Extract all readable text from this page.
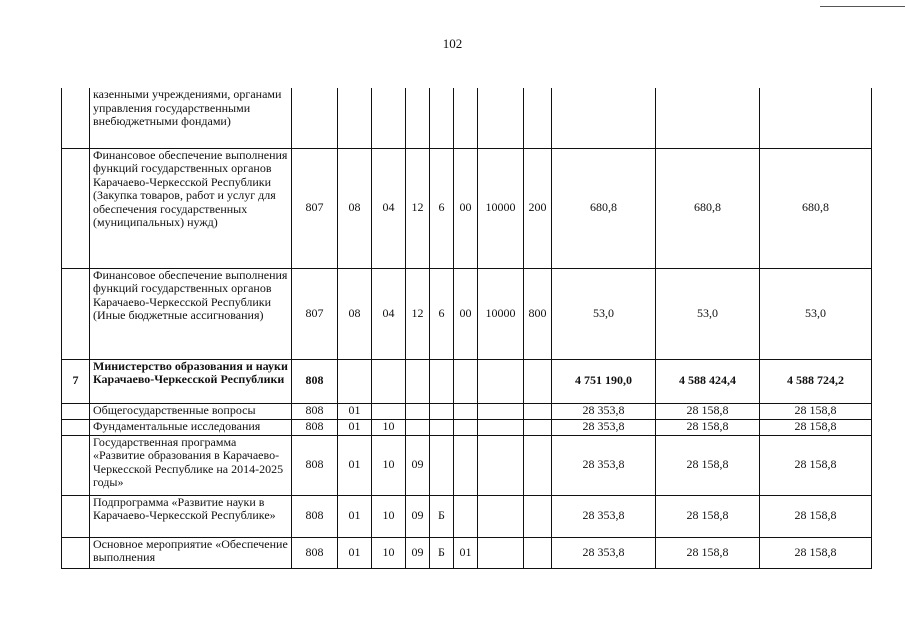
102
	казенными учреждениями, органами управления государственными внебюджетными фондами)											
	Финансовое обеспечение выполнения функций государственных органов Карачаево-Черкесской Республики (Закупка товаров, работ и услуг для обеспечения государственных (муниципальных) нужд)	807	08	04	12	6	00	10000	200	680,8	680,8	680,8
	Финансовое обеспечение выполнения функций государственных органов Карачаево-Черкесской Республики (Иные бюджетные ассигнования)	807	08	04	12	6	00	10000	800	53,0	53,0	53,0
7	Министерство образования и науки Карачаево-Черкесской Республики	808								4 751 190,0	4 588 424,4	4 588 724,2
	Общегосударственные вопросы	808	01							28 353,8	28 158,8	28 158,8
	Фундаментальные исследования	808	01	10						28 353,8	28 158,8	28 158,8
	Государственная программа «Развитие образования в Карачаево-Черкесской Республике на 2014-2025 годы»	808	01	10	09					28 353,8	28 158,8	28 158,8
	Подпрограмма «Развитие науки в Карачаево-Черкесской Республике»	808	01	10	09	Б				28 353,8	28 158,8	28 158,8
	Основное мероприятие «Обеспечение выполнения	808	01	10	09	Б	01			28 353,8	28 158,8	28 158,8
